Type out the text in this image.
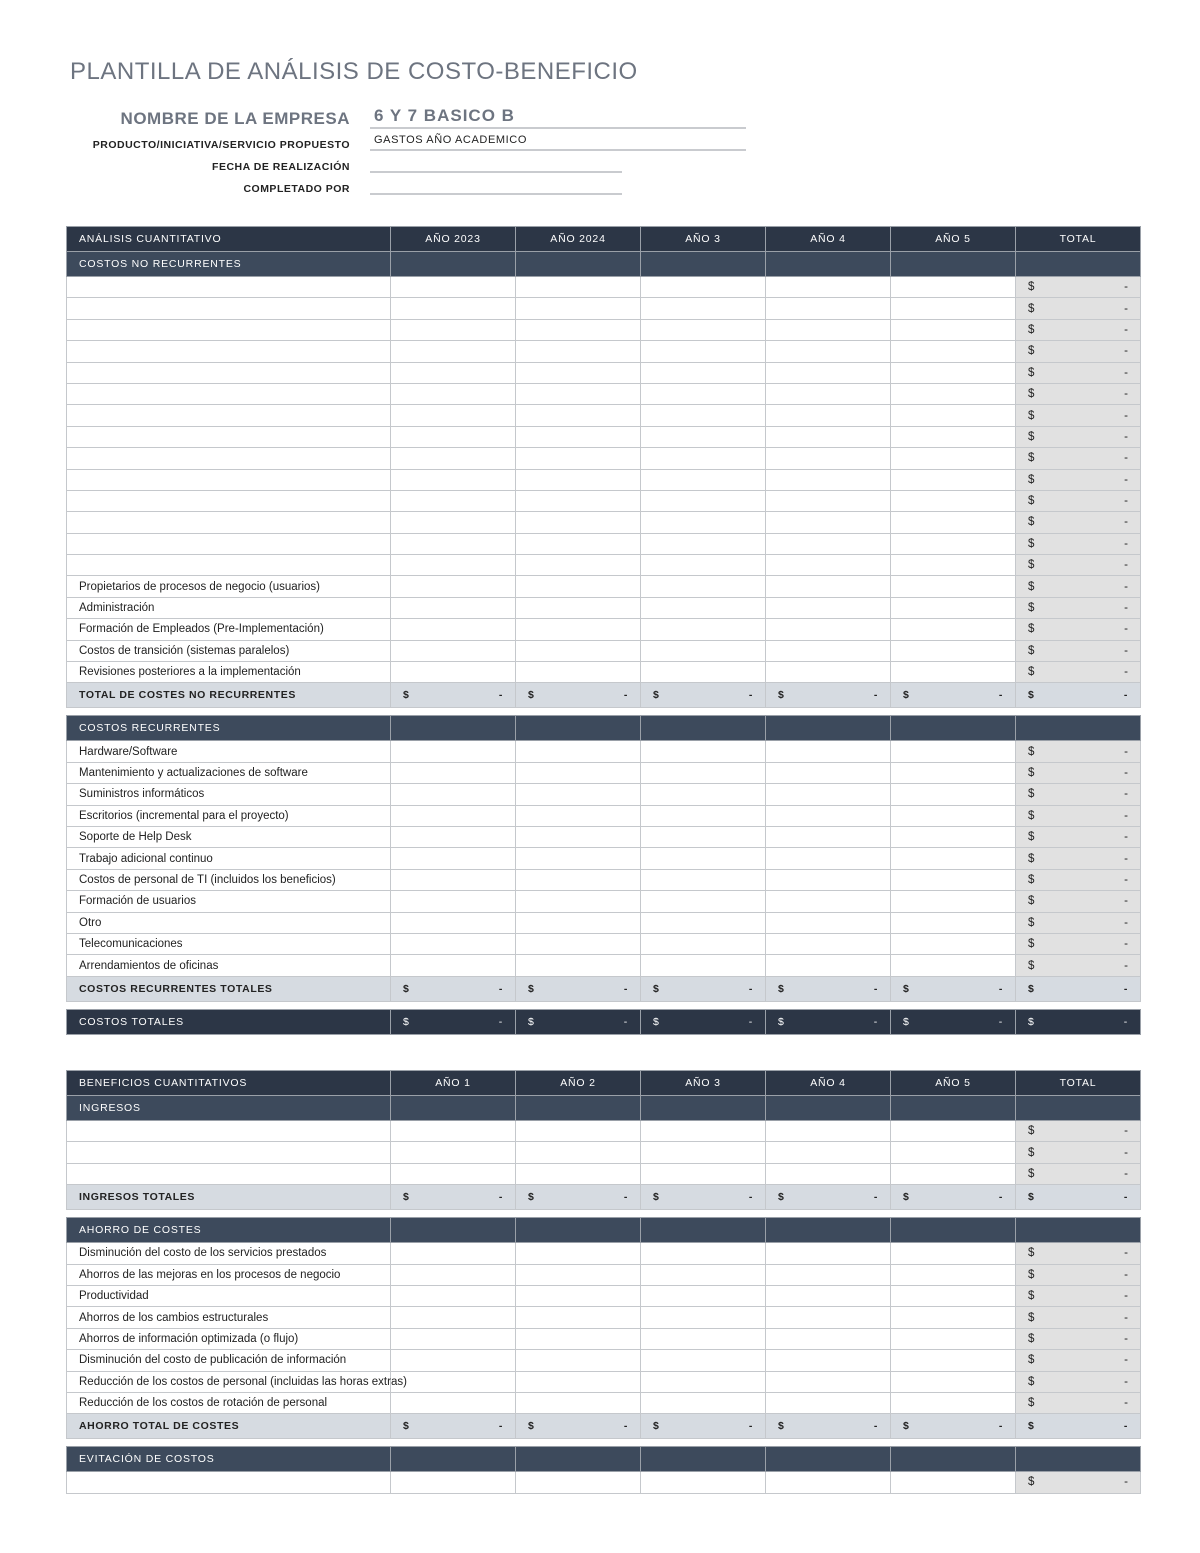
PLANTILLA DE ANÁLISIS DE COSTO-BENEFICIO
NOMBRE DE LA EMPRESA	6 Y 7 BASICO B
PRODUCTO/INICIATIVA/SERVICIO PROPUESTO	GASTOS AÑO ACADEMICO
FECHA DE REALIZACIÓN
COMPLETADO POR
ANÁLISIS CUANTITATIVO	AÑO 2023	AÑO 2024	AÑO 3	AÑO 4	AÑO 5	TOTAL
COSTOS NO RECURRENTES						

						$ -

						$ -

						$ -

						$ -

						$ -

						$ -

						$ -

						$ -

						$ -

						$ -

						$ -

						$ -

						$ -

						$ -

Propietarios de procesos de negocio (usuarios)						$ -

Administración						$ -

Formación de Empleados (Pre-Implementación)						$ -

Costos de transición (sistemas paralelos)						$ -

Revisiones posteriores a la implementación						$ -

TOTAL DE COSTES NO RECURRENTES	$ -	$ -	$ -	$ -	$ -	$ -

COSTOS RECURRENTES						
Hardware/Software						$ -

Mantenimiento y actualizaciones de software						$ -

Suministros informáticos						$ -

Escritorios (incremental para el proyecto)						$ -

Soporte de Help Desk						$ -

Trabajo adicional continuo						$ -

Costos de personal de TI (incluidos los beneficios)						$ -

Formación de usuarios						$ -

Otro						$ -

Telecomunicaciones						$ -

Arrendamientos de oficinas						$ -

COSTOS RECURRENTES TOTALES	$ -	$ -	$ -	$ -	$ -	$ -

COSTOS TOTALES	$ -	$ -	$ -	$ -	$ -	$ -
BENEFICIOS CUANTITATIVOS	AÑO 1	AÑO 2	AÑO 3	AÑO 4	AÑO 5	TOTAL
INGRESOS						

						$ -

						$ -

						$ -

INGRESOS TOTALES	$ -	$ -	$ -	$ -	$ -	$ -

AHORRO DE COSTES						
Disminución del costo de los servicios prestados						$ -

Ahorros de las mejoras en los procesos de negocio						$ -

Productividad						$ -

Ahorros de los cambios estructurales						$ -

Ahorros de información optimizada (o flujo)						$ -

Disminución del costo de publicación de información						$ -

Reducción de los costos de personal (incluidas las horas extras)						$ -

Reducción de los costos de rotación de personal						$ -

AHORRO TOTAL DE COSTES	$ -	$ -	$ -	$ -	$ -	$ -

EVITACIÓN DE COSTOS						

						$ -
